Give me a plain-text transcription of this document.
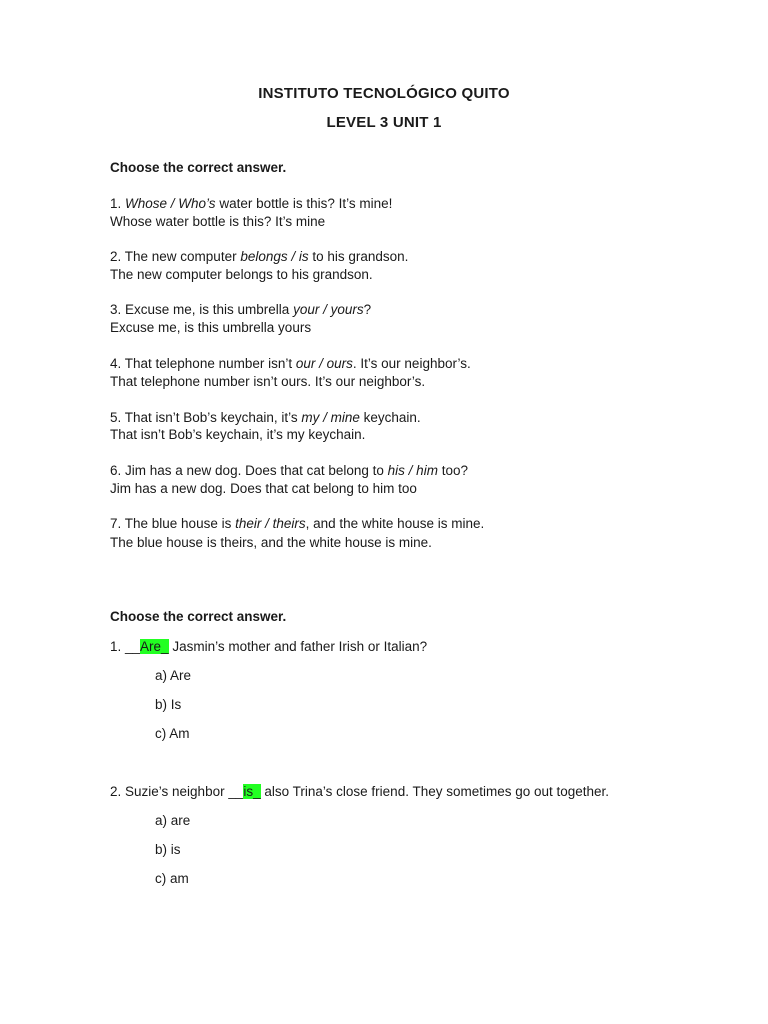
INSTITUTO TECNOLÓGICO QUITO
LEVEL 3 UNIT 1
Choose the correct answer.
1. Whose / Who’s water bottle is this? It’s mine!
Whose water bottle is this? It’s mine
2. The new computer belongs / is to his grandson.
The new computer belongs to his grandson.
3. Excuse me, is this umbrella your / yours?
Excuse me, is this umbrella yours
4. That telephone number isn’t our / ours. It’s our neighbor’s.
That telephone number isn’t ours. It’s our neighbor’s.
5. That isn’t Bob’s keychain, it’s my / mine keychain.
That isn’t Bob’s keychain, it’s my keychain.
6. Jim has a new dog. Does that cat belong to his / him too?
Jim has a new dog. Does that cat belong to him too
7. The blue house is their / theirs, and the white house is mine.
The blue house is theirs, and the white house is mine.
Choose the correct answer.
1. __Are_ Jasmin’s mother and father Irish or Italian?
a) Are
b) Is
c) Am
2. Suzie’s neighbor __is_ also Trina’s close friend. They sometimes go out together.
a) are
b) is
c) am
